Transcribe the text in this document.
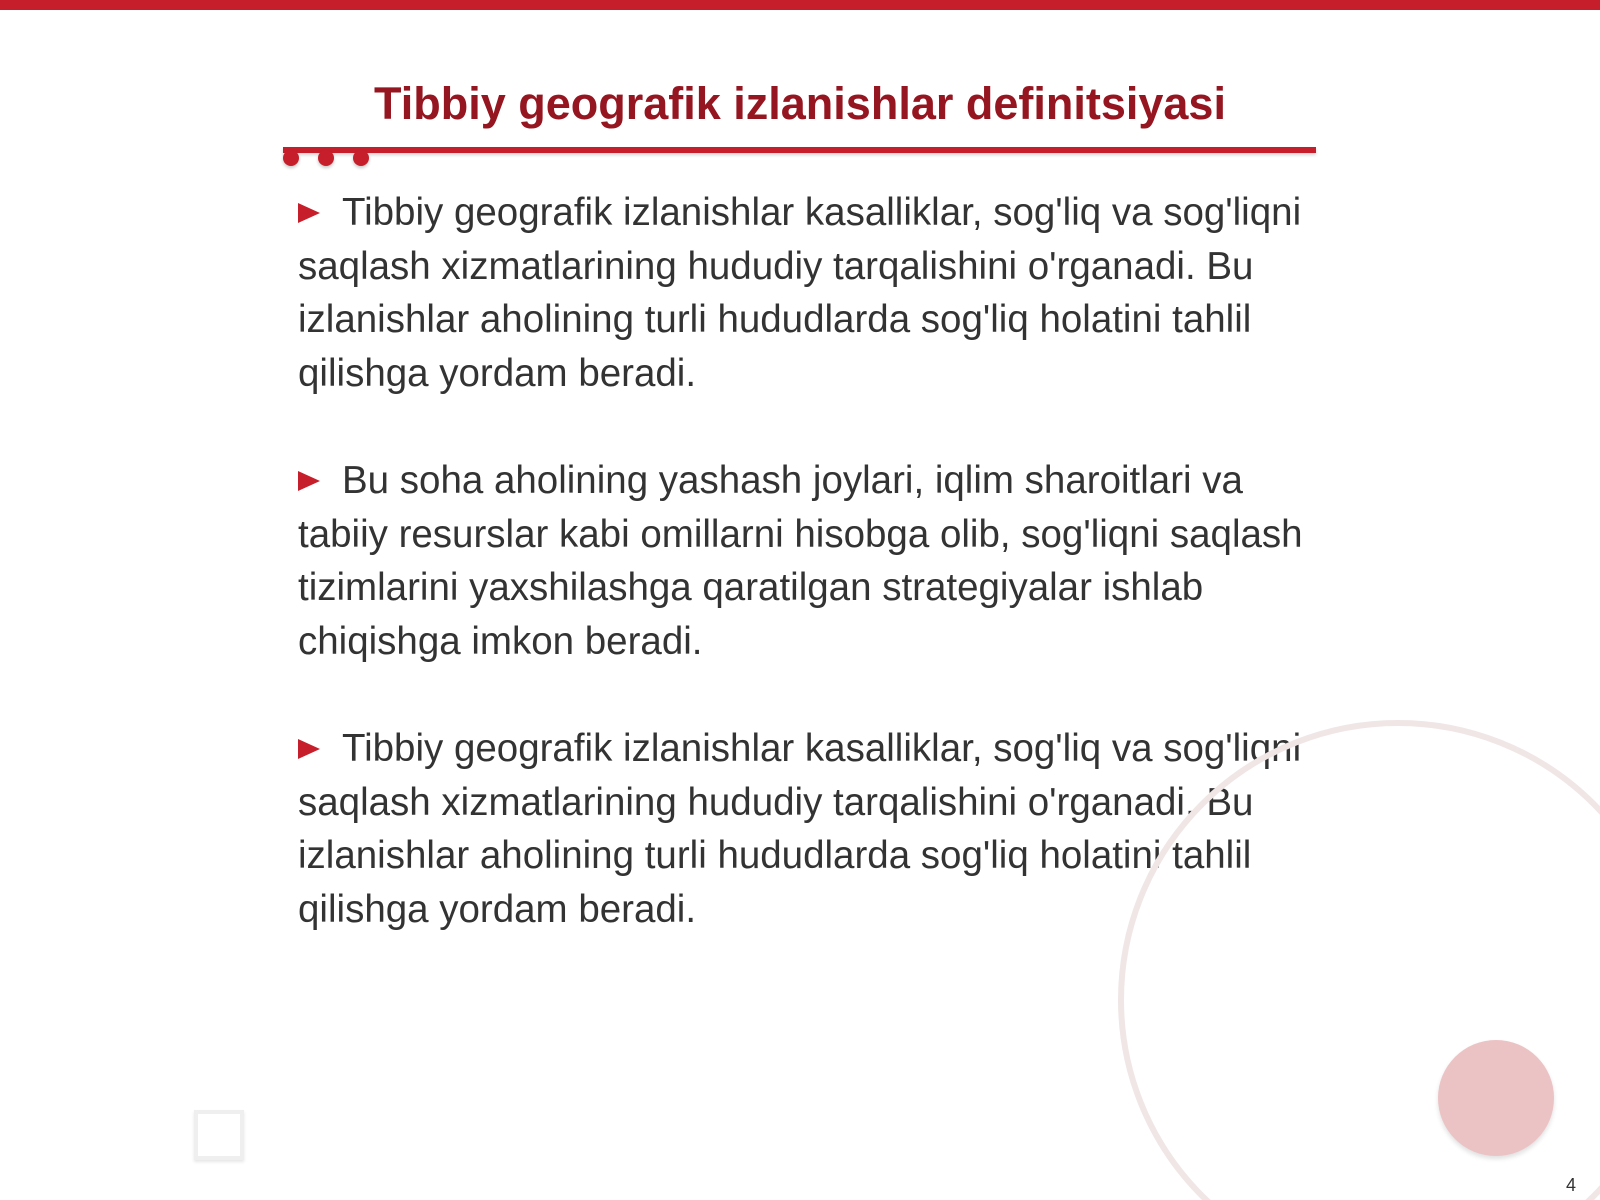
Tibbiy geografik izlanishlar definitsiyasi

Tibbiy geografik izlanishlar kasalliklar, sog'liq va sog'liqni saqlash xizmatlarining hududiy tarqalishini o'rganadi. Bu izlanishlar aholining turli hududlarda sog'liq holatini tahlil qilishga yordam beradi.

Bu soha aholining yashash joylari, iqlim sharoitlari va tabiiy resurslar kabi omillarni hisobga olib, sog'liqni saqlash tizimlarini yaxshilashga qaratilgan strategiyalar ishlab chiqishga imkon beradi.

Tibbiy geografik izlanishlar kasalliklar, sog'liq va sog'liqni saqlash xizmatlarining hududiy tarqalishini o'rganadi. Bu izlanishlar aholining turli hududlarda sog'liq holatini tahlil qilishga yordam beradi.

4
